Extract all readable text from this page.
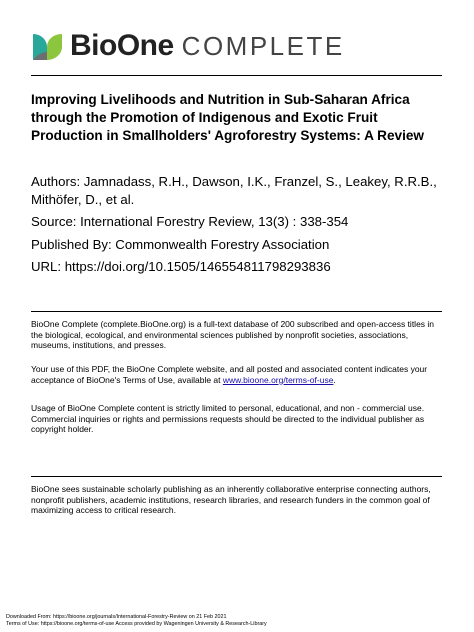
BioOne COMPLETE
Improving Livelihoods and Nutrition in Sub-Saharan Africa through the Promotion of Indigenous and Exotic Fruit Production in Smallholders' Agroforestry Systems: A Review
Authors: Jamnadass, R.H., Dawson, I.K., Franzel, S., Leakey, R.R.B., Mithöfer, D., et al.
Source: International Forestry Review, 13(3) : 338-354
Published By: Commonwealth Forestry Association
URL: https://doi.org/10.1505/146554811798293836
BioOne Complete (complete.BioOne.org) is a full-text database of 200 subscribed and open-access titles in the biological, ecological, and environmental sciences published by nonprofit societies, associations, museums, institutions, and presses.
Your use of this PDF, the BioOne Complete website, and all posted and associated content indicates your acceptance of BioOne's Terms of Use, available at www.bioone.org/terms-of-use.
Usage of BioOne Complete content is strictly limited to personal, educational, and non - commercial use. Commercial inquiries or rights and permissions requests should be directed to the individual publisher as copyright holder.
BioOne sees sustainable scholarly publishing as an inherently collaborative enterprise connecting authors, nonprofit publishers, academic institutions, research libraries, and research funders in the common goal of maximizing access to critical research.
Downloaded From: https://bioone.org/journals/International-Forestry-Review on 21 Feb 2021
Terms of Use: https://bioone.org/terms-of-use Access provided by Wageningen University & Research-Library
